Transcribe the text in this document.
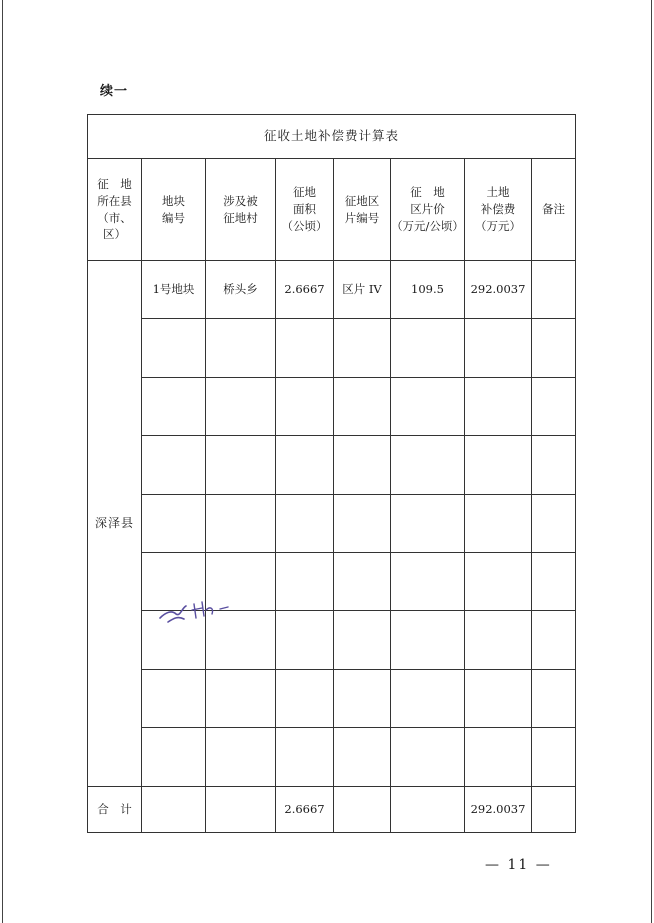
续一
征收土地补偿费计算表							

征　地
所在县
（市、
区）	地块
编号	涉及被
征地村	征地
面积
（公顷）	征地区
片编号	征　地
区片价
（万元/公顷）	土地
补偿费
（万元）	备注

深泽县	1号地块	桥头乡	2.6667	区片 IV	109.5	292.0037	

合　计			2.6667			292.0037	
— 11 —
